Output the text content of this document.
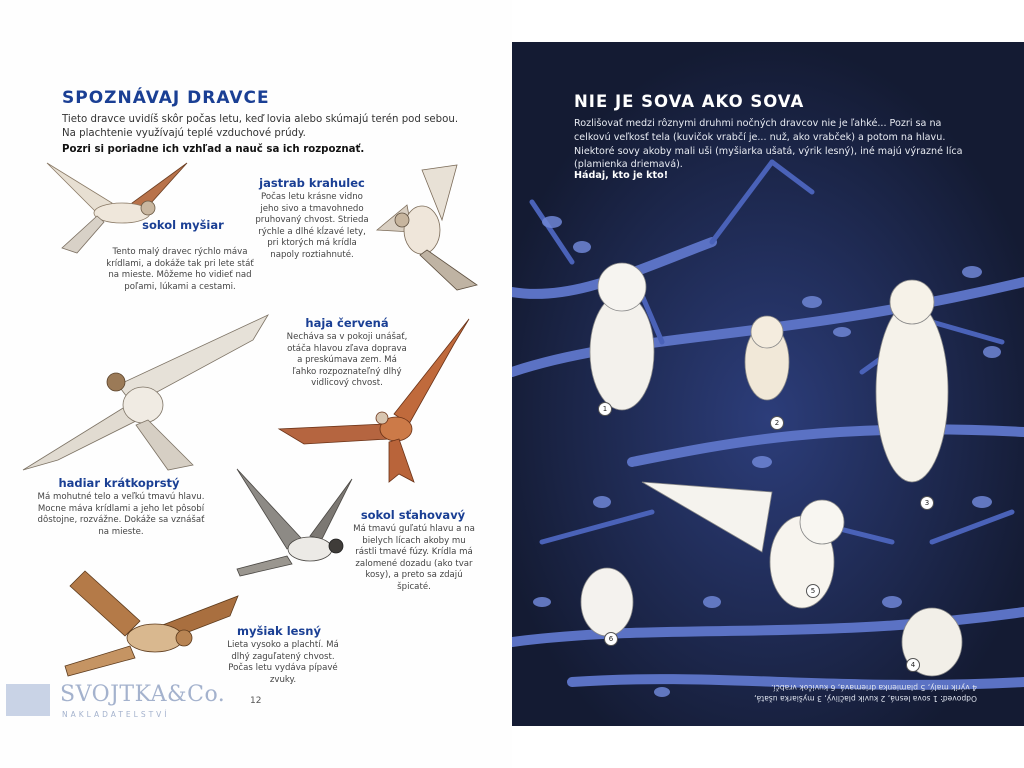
SPOZNÁVAJ DRAVCE

Tieto dravce uvidíš skôr počas letu, keď lovia alebo skúmajú terén pod sebou. Na plachtenie využívajú teplé vzduchové prúdy.

Pozri si poriadne ich vzhľad a nauč sa ich rozpoznať.

sokol myšiar

Tento malý dravec rýchlo máva krídlami, a dokáže tak pri lete stáť na mieste. Môžeme ho vidieť nad poľami, lúkami a cestami.

jastrab krahulec

Počas letu krásne vidno jeho sivo a tmavohnedo pruhovaný chvost. Strieda rýchle a dlhé kĺzavé lety, pri ktorých má krídla napoly roztiahnuté.

hadiar krátkoprstý

Má mohutné telo a veľkú tmavú hlavu. Mocne máva krídlami a jeho let pôsobí dôstojne, rozvážne. Dokáže sa vznášať na mieste.

haja červená

Nechávа sa v pokoji unášať, otáča hlavou zľava doprava a preskúmava zem. Má ľahko rozpoznateľný dlhý vidlicový chvost.

sokol sťahovavý

Má tmavú guľatú hlavu a na bielych lícach akoby mu rástli tmavé fúzy. Krídla má zalomené dozadu (ako tvar kosy), a preto sa zdajú špicaté.

myšiak lesný

Lieta vysoko a plachtí. Má dlhý zaguľatený chvost. Počas letu vydáva pípavé zvuky.

12
SVOJTKA&Co.
NAKLADATELSTVÍ
NIE JE SOVA AKO SOVA

Rozlišovať medzi rôznymi druhmi nočných dravcov nie je ľahké... Pozri sa na celkovú veľkosť tela (kuvičok vrabčí je... nuž, ako vrabček) a potom na hlavu. Niektoré sovy akoby mali uši (myšiarka ušatá, výrik lesný), iné majú výrazné líca (plamienka driemavá).

Hádaj, kto je kto!

1
2
3
4
5
6
Odpoveď: 1 sova lesná, 2 kuvik plačlivý, 3 myšiarka ušatá, 4 výrik malý, 5 plamienka driemavá, 6 kuvičok vrabčí.
